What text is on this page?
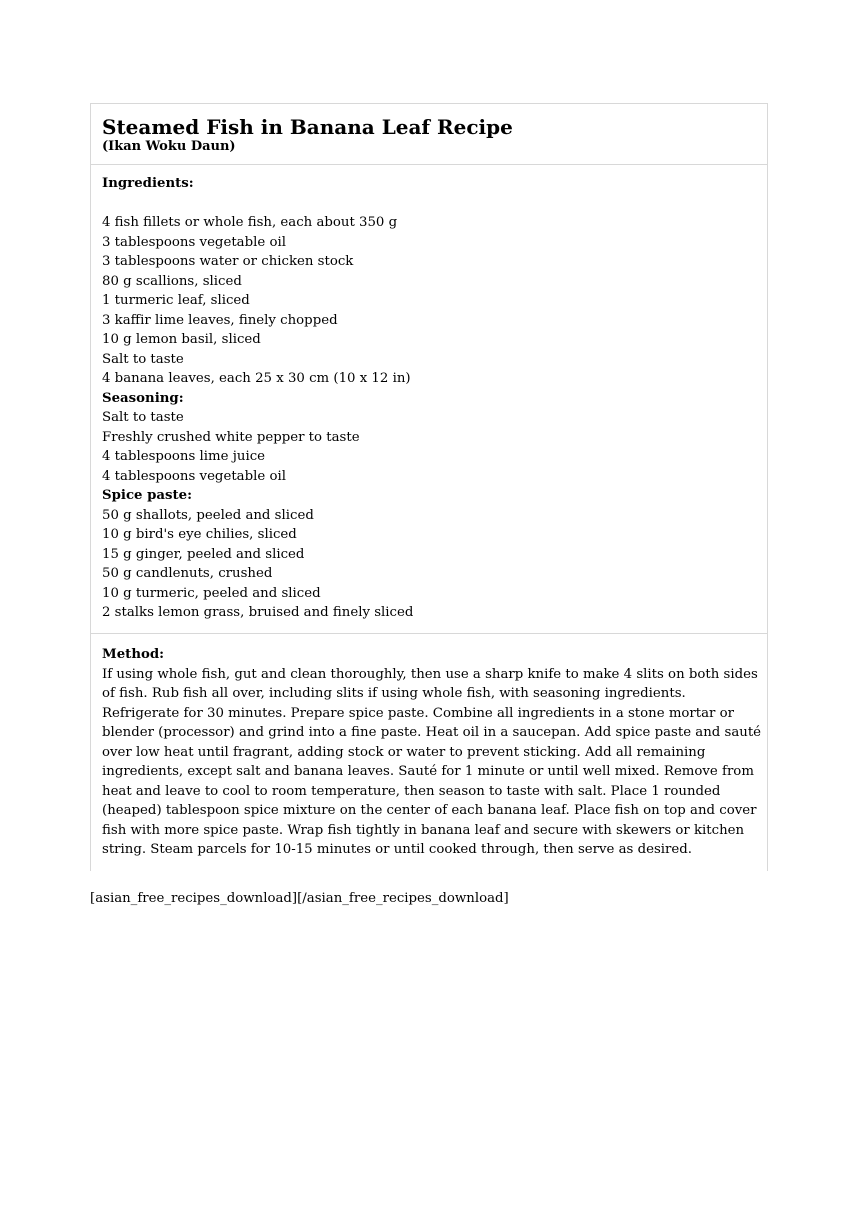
Steamed Fish in Banana Leaf Recipe
(Ikan Woku Daun)
Ingredients:
4 fish fillets or whole fish, each about 350 g
3 tablespoons vegetable oil
3 tablespoons water or chicken stock
80 g scallions, sliced
1 turmeric leaf, sliced
3 kaffir lime leaves, finely chopped
10 g lemon basil, sliced
Salt to taste
4 banana leaves, each 25 x 30 cm (10 x 12 in)
Seasoning:
Salt to taste
Freshly crushed white pepper to taste
4 tablespoons lime juice
4 tablespoons vegetable oil
Spice paste:
50 g shallots, peeled and sliced
10 g bird's eye chilies, sliced
15 g ginger, peeled and sliced
50 g candlenuts, crushed
10 g turmeric, peeled and sliced
2 stalks lemon grass, bruised and finely sliced
Method:
If using whole fish, gut and clean thoroughly, then use a sharp knife to make 4 slits on both sides
of fish. Rub fish all over, including slits if using whole fish, with seasoning ingredients.
Refrigerate for 30 minutes. Prepare spice paste. Combine all ingredients in a stone mortar or
blender (processor) and grind into a fine paste. Heat oil in a saucepan. Add spice paste and sauté
over low heat until fragrant, adding stock or water to prevent sticking. Add all remaining
ingredients, except salt and banana leaves. Sauté for 1 minute or until well mixed. Remove from
heat and leave to cool to room temperature, then season to taste with salt. Place 1 rounded
(heaped) tablespoon spice mixture on the center of each banana leaf. Place fish on top and cover
fish with more spice paste. Wrap fish tightly in banana leaf and secure with skewers or kitchen
string. Steam parcels for 10-15 minutes or until cooked through, then serve as desired.
[asian_free_recipes_download][/asian_free_recipes_download]
